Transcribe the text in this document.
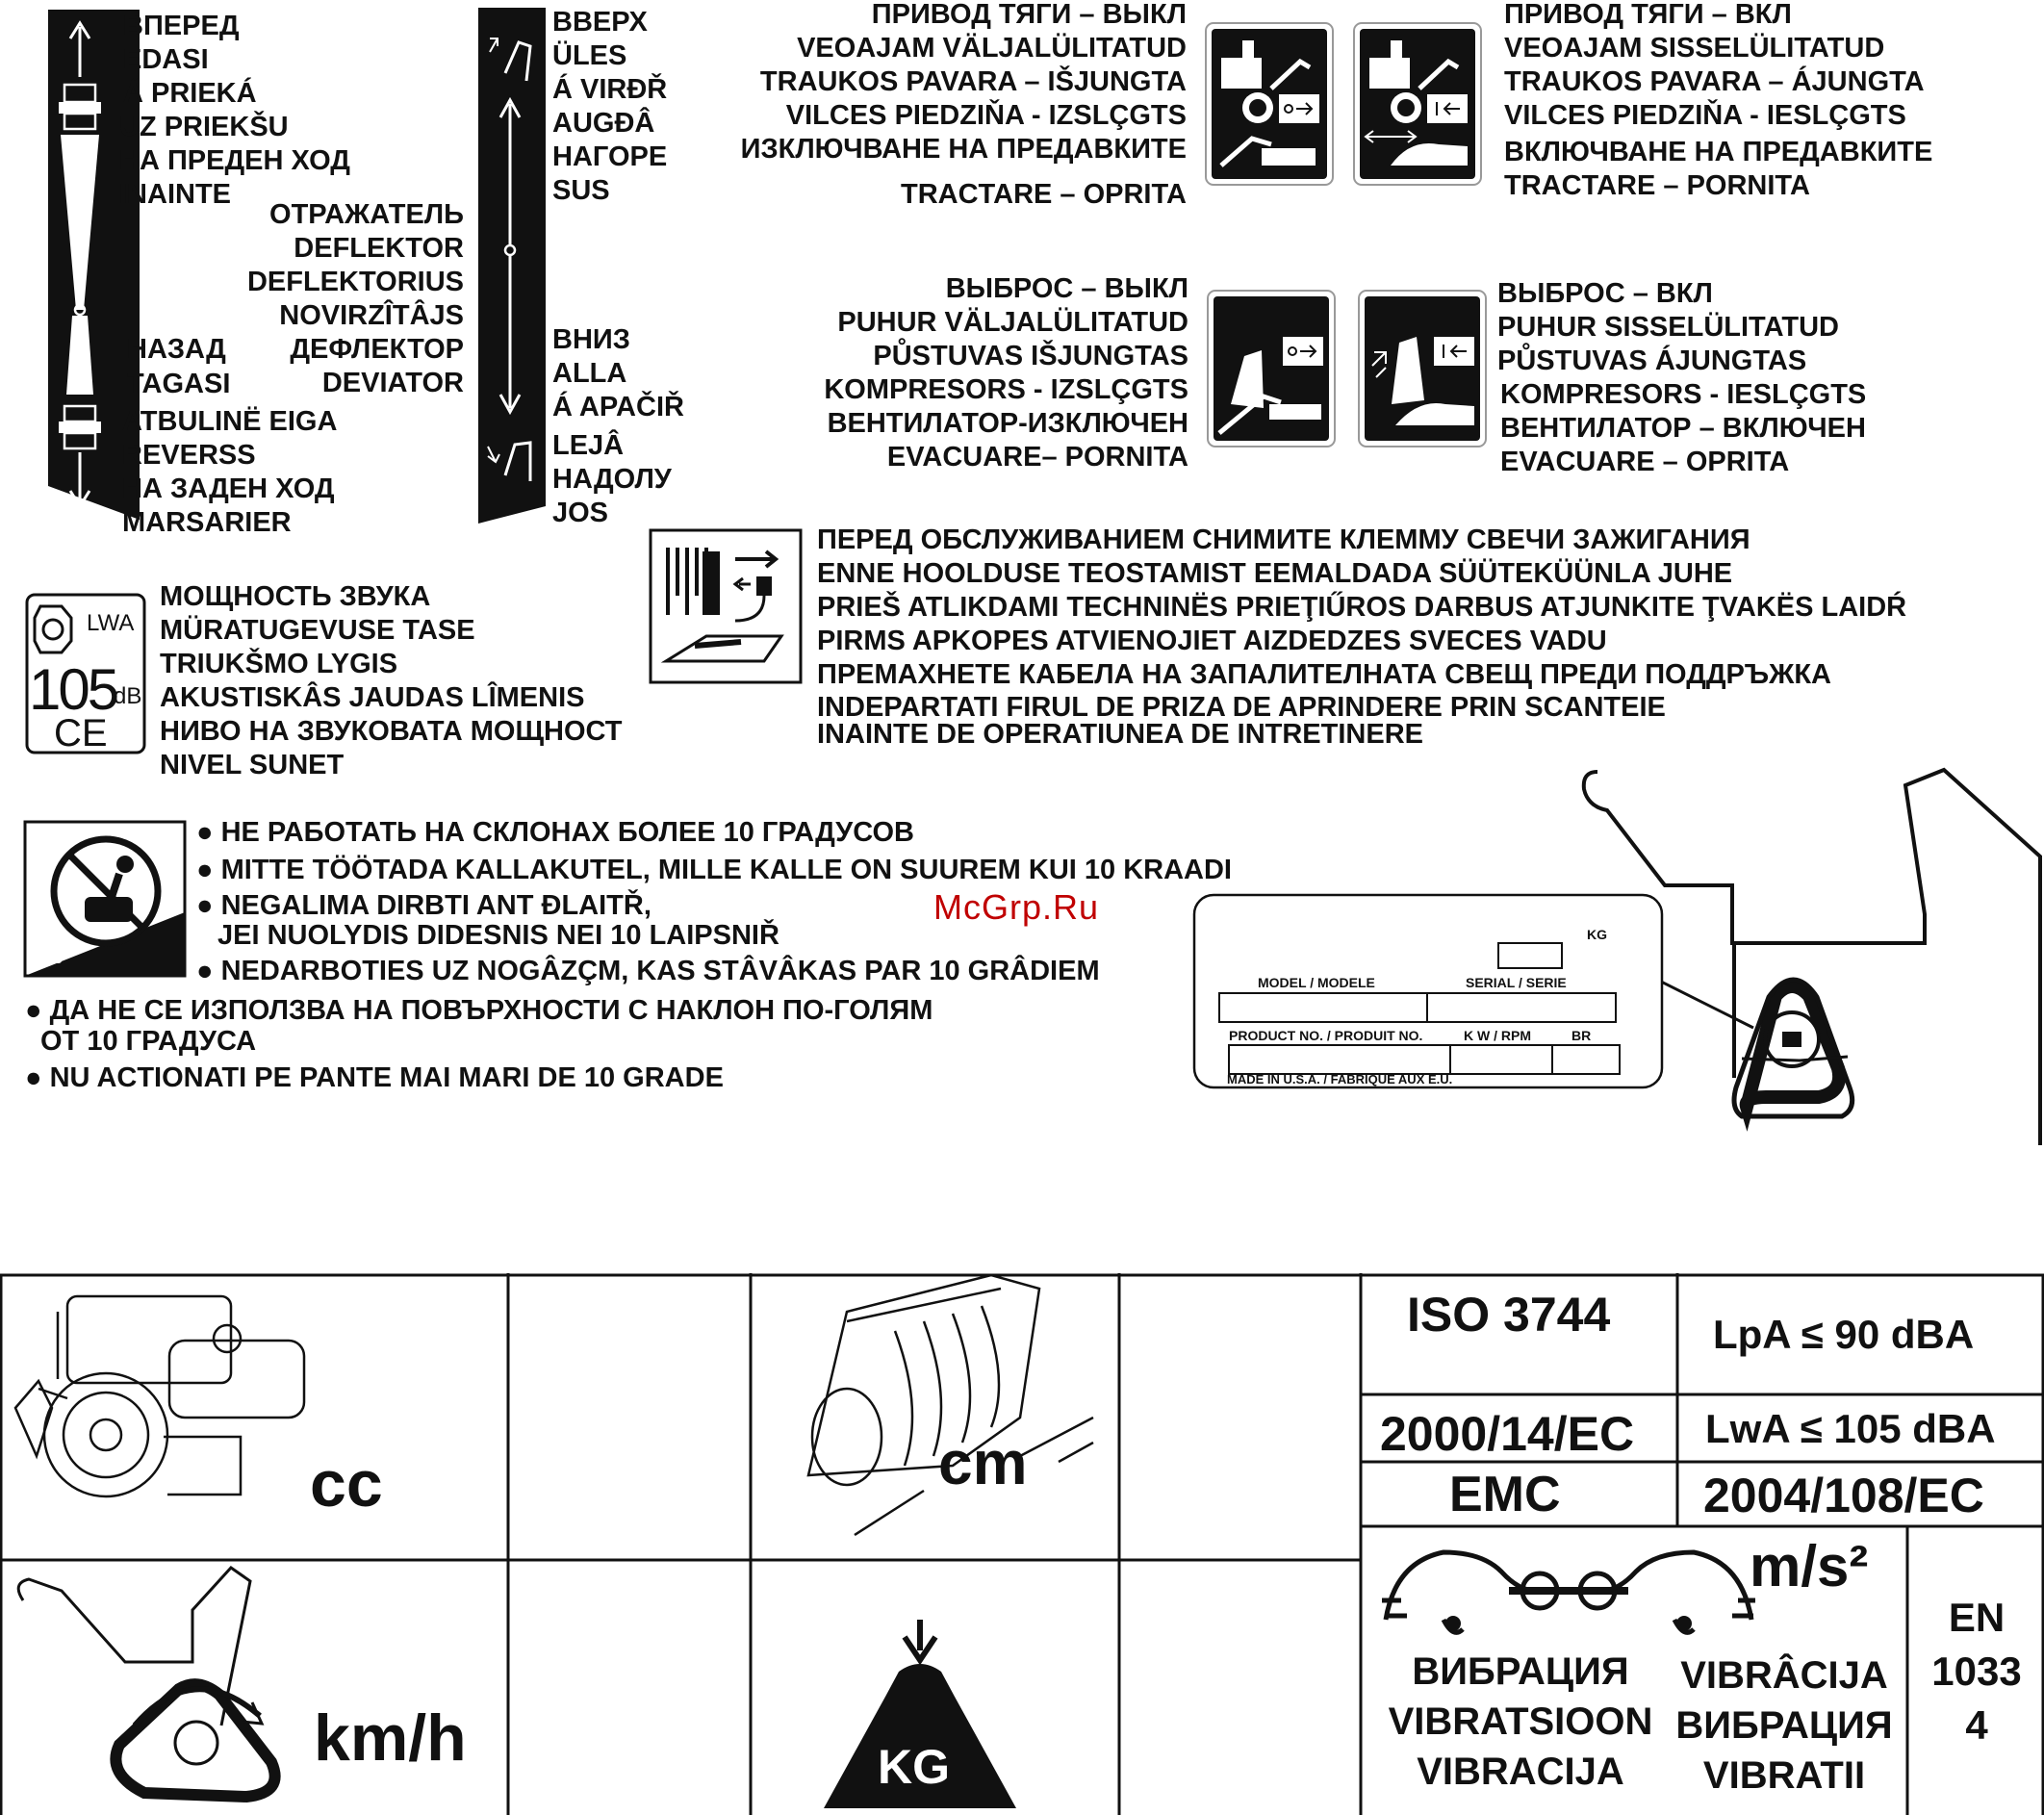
ВПЕРЕД
EDASI
Á PRIEKÁ
UZ PRIEKŠU
НА ПРЕДЕН ХОД
INAINTE
НАЗАД
TAGASI
ATBULINË EIGA
REVERSS
НА ЗАДЕН ХОД
MARSARIER
ОТРАЖАТЕЛЬ
DEFLEKTOR
DEFLEKTORIUS
NOVIRZÎTÂJS
ДЕФЛЕКТОР
DEVIATOR
ВВЕРХ
ÜLES
Á VIRÐŘ
AUGĐÂ
НАГОРЕ
SUS
ВНИЗ
ALLA
Á APAČIŘ
LEJÂ
НАДОЛУ
JOS
ПРИВОД ТЯГИ – ВЫКЛ
VEOAJAM VÄLJALÜLITATUD
TRAUKOS PAVARA – IŠJUNGTA
VILCES PIEDZIŇA - IZSLÇGTS
ИЗКЛЮЧВАНЕ НА ПРЕДАВКИТЕ
TRACTARE – OPRITA
ПРИВОД ТЯГИ – ВКЛ
VEOAJAM SISSELÜLITATUD
TRAUKOS PAVARA – ÁJUNGTA
VILCES PIEDZIŇA - IESLÇGTS
ВКЛЮЧВАНЕ НА ПРЕДАВКИТЕ
TRACTARE – PORNITA
ВЫБРОС – ВЫКЛ
PUHUR VÄLJALÜLITATUD
PŮSTUVAS IŠJUNGTAS
KOMPRESORS - IZSLÇGTS
ВЕНТИЛАТОР-ИЗКЛЮЧЕН
EVACUARE– PORNITA
ВЫБРОС – ВКЛ
PUHUR SISSELÜLITATUD
PŮSTUVAS ÁJUNGTAS
KOMPRESORS - IESLÇGTS
ВЕНТИЛАТОР – ВКЛЮЧЕН
EVACUARE – OPRITA
ПЕРЕД ОБСЛУЖИВАНИЕМ СНИМИТЕ КЛЕММУ СВЕЧИ ЗАЖИГАНИЯ
ENNE HOOLDUSE TEOSTAMIST EEMALDADA SÜÜTEKÜÜNLA JUHE
PRIEŠ ATLIKDAMI TECHNINËS PRIEŢIŰROS DARBUS ATJUNKITE ŢVAKËS LAIDŔ
PIRMS APKOPES ATVIENOJIET AIZDEDZES SVECES VADU
ПРЕМАХНЕТЕ КАБЕЛА НА ЗАПАЛИТЕЛНАТА СВЕЩ ПРЕДИ ПОДДРЪЖКА
INDEPARTATI FIRUL DE PRIZA DE APRINDERE PRIN SCANTEIE
INAINTE DE OPERATIUNEA DE INTRETINERE
LWA
105
dB
CE
МОЩНОСТЬ ЗВУКА
MÜRATUGEVUSE TASE
TRIUKŠMO LYGIS
AKUSTISKÂS JAUDAS LÎMENIS
НИВО НА ЗВУКОВАТА МОЩНОСТ
NIVEL SUNET
>10°
● НЕ РАБОТАТЬ НА СКЛОНАХ БОЛЕЕ 10 ГРАДУСОВ
● MITTE TÖÖTADA KALLAKUTEL, MILLE KALLE ON SUUREM KUI 10 KRAADI
● NEGALIMA DIRBTI ANT ĐLAITŘ,
JEI NUOLYDIS DIDESNIS NEI 10 LAIPSNIŘ
● NEDARBOTIES UZ NOGÂZÇM, KAS STÂVÂKAS PAR 10 GRÂDIEM
● ДА НЕ СЕ ИЗПОЛЗВА НА ПОВЪРХНОСТИ С НАКЛОН ПО-ГОЛЯМ
ОТ 10 ГРАДУСА
● NU ACTIONATI PE PANTE MAI MARI DE 10 GRADE
McGrp.Ru
KG
MODEL / MODELE	SERIAL / SERIE
PRODUCT NO. / PRODUIT NO.	K W / RPM	BR
MADE IN U.S.A. / FABRIQUE AUX E.U.
cc	cm
km/h	KG
ISO 3744	LpA ≤ 90 dBA
2000/14/EC LwA ≤ 105 dBA
EMC	2004/108/EC
m/s²
ВИБРАЦИЯ
VIBRATSIOON
VIBRACIJA
VIBRÂCIJA
ВИБРАЦИЯ
VIBRATII
EN
1033
4
